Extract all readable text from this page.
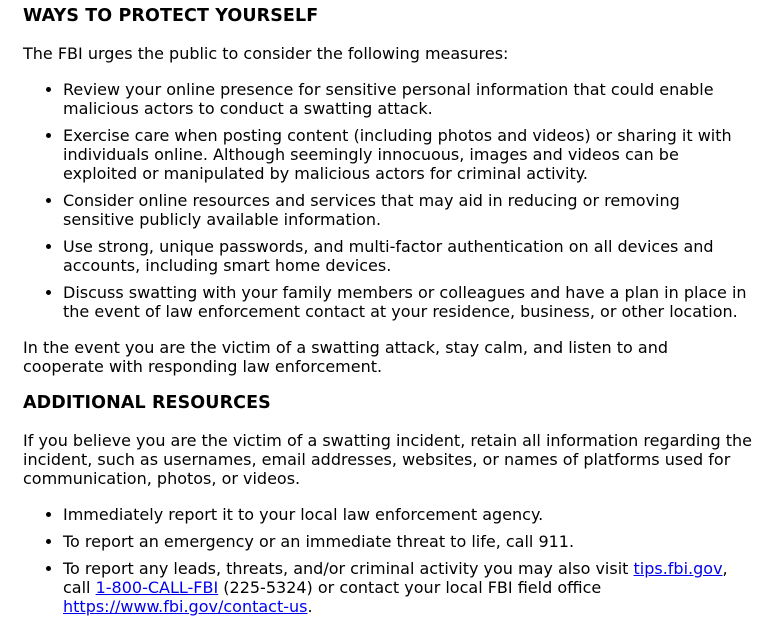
WAYS TO PROTECT YOURSELF

The FBI urges the public to consider the following measures:

• Review your online presence for sensitive personal information that could enable malicious actors to conduct a swatting attack.
• Exercise care when posting content (including photos and videos) or sharing it with individuals online. Although seemingly innocuous, images and videos can be exploited or manipulated by malicious actors for criminal activity.
• Consider online resources and services that may aid in reducing or removing sensitive publicly available information.
• Use strong, unique passwords, and multi-factor authentication on all devices and accounts, including smart home devices.
• Discuss swatting with your family members or colleagues and have a plan in place in the event of law enforcement contact at your residence, business, or other location.

In the event you are the victim of a swatting attack, stay calm, and listen to and cooperate with responding law enforcement.

ADDITIONAL RESOURCES

If you believe you are the victim of a swatting incident, retain all information regarding the incident, such as usernames, email addresses, websites, or names of platforms used for communication, photos, or videos.

• Immediately report it to your local law enforcement agency.
• To report an emergency or an immediate threat to life, call 911.
• To report any leads, threats, and/or criminal activity you may also visit tips.fbi.gov, call 1-800-CALL-FBI (225-5324) or contact your local FBI field office https://www.fbi.gov/contact-us.
